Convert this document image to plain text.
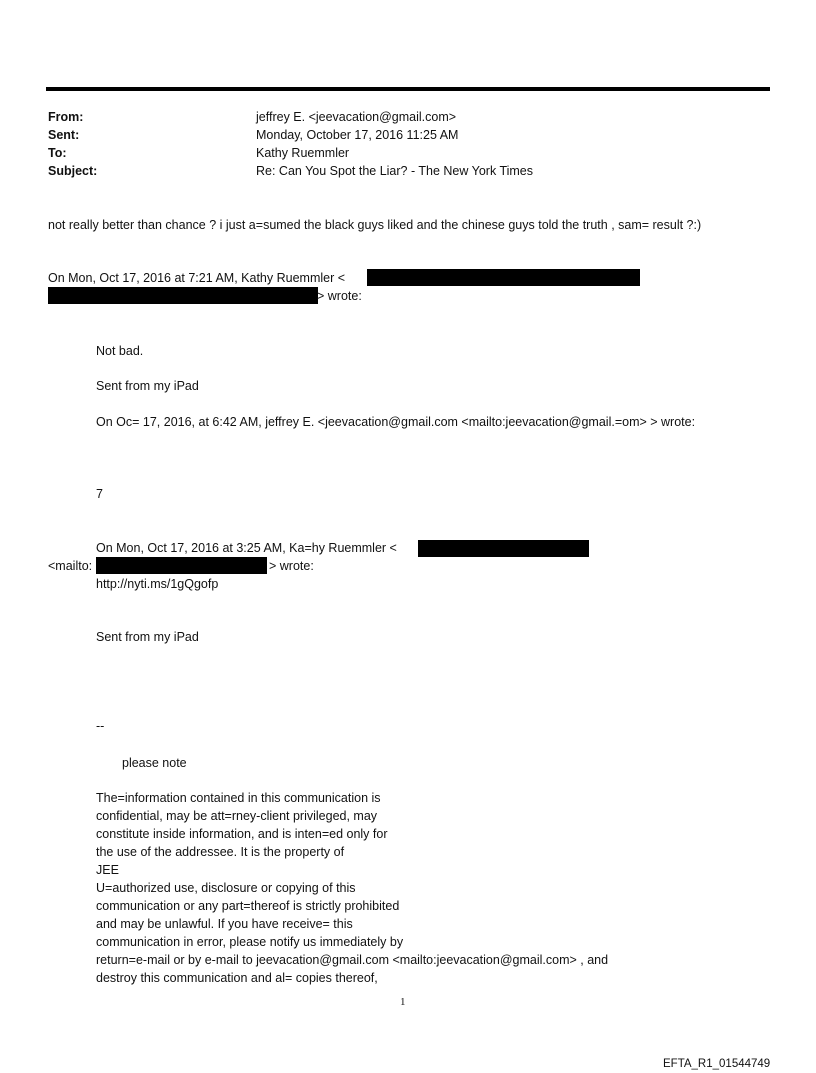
From:	jeffrey E. <jeevacation@gmail.com>
Sent:	Monday, October 17, 2016 11:25 AM
To:	Kathy Ruemmler
Subject:	Re: Can You Spot the Liar? - The New York Times
not really better than chance ? i just a=sumed the black guys liked and the chinese guys told the truth , sam= result ?:)
On Mon, Oct 17, 2016 at 7:21 AM, Kathy Ruemmler <
> wrote:
Not bad.
Sent from my iPad
On Oc= 17, 2016, at 6:42 AM, jeffrey E. <jeevacation@gmail.com <mailto:jeevacation@gmail.=om> > wrote:
7
On Mon, Oct 17, 2016 at 3:25 AM, Ka=hy Ruemmler <
<mailto:	> wrote:
http://nyti.ms/1gQgofp
Sent from my iPad
--
please note
The=information contained in this communication is
confidential, may be att=rney-client privileged, may
constitute inside information, and is inten=ed only for
the use of the addressee. It is the property of
JEE
U=authorized use, disclosure or copying of this
communication or any part=thereof is strictly prohibited
and may be unlawful. If you have receive= this
communication in error, please notify us immediately by
return=e-mail or by e-mail to jeevacation@gmail.com <mailto:jeevacation@gmail.com> , and
destroy this communication and al= copies thereof,
1
EFTA_R1_01544749
